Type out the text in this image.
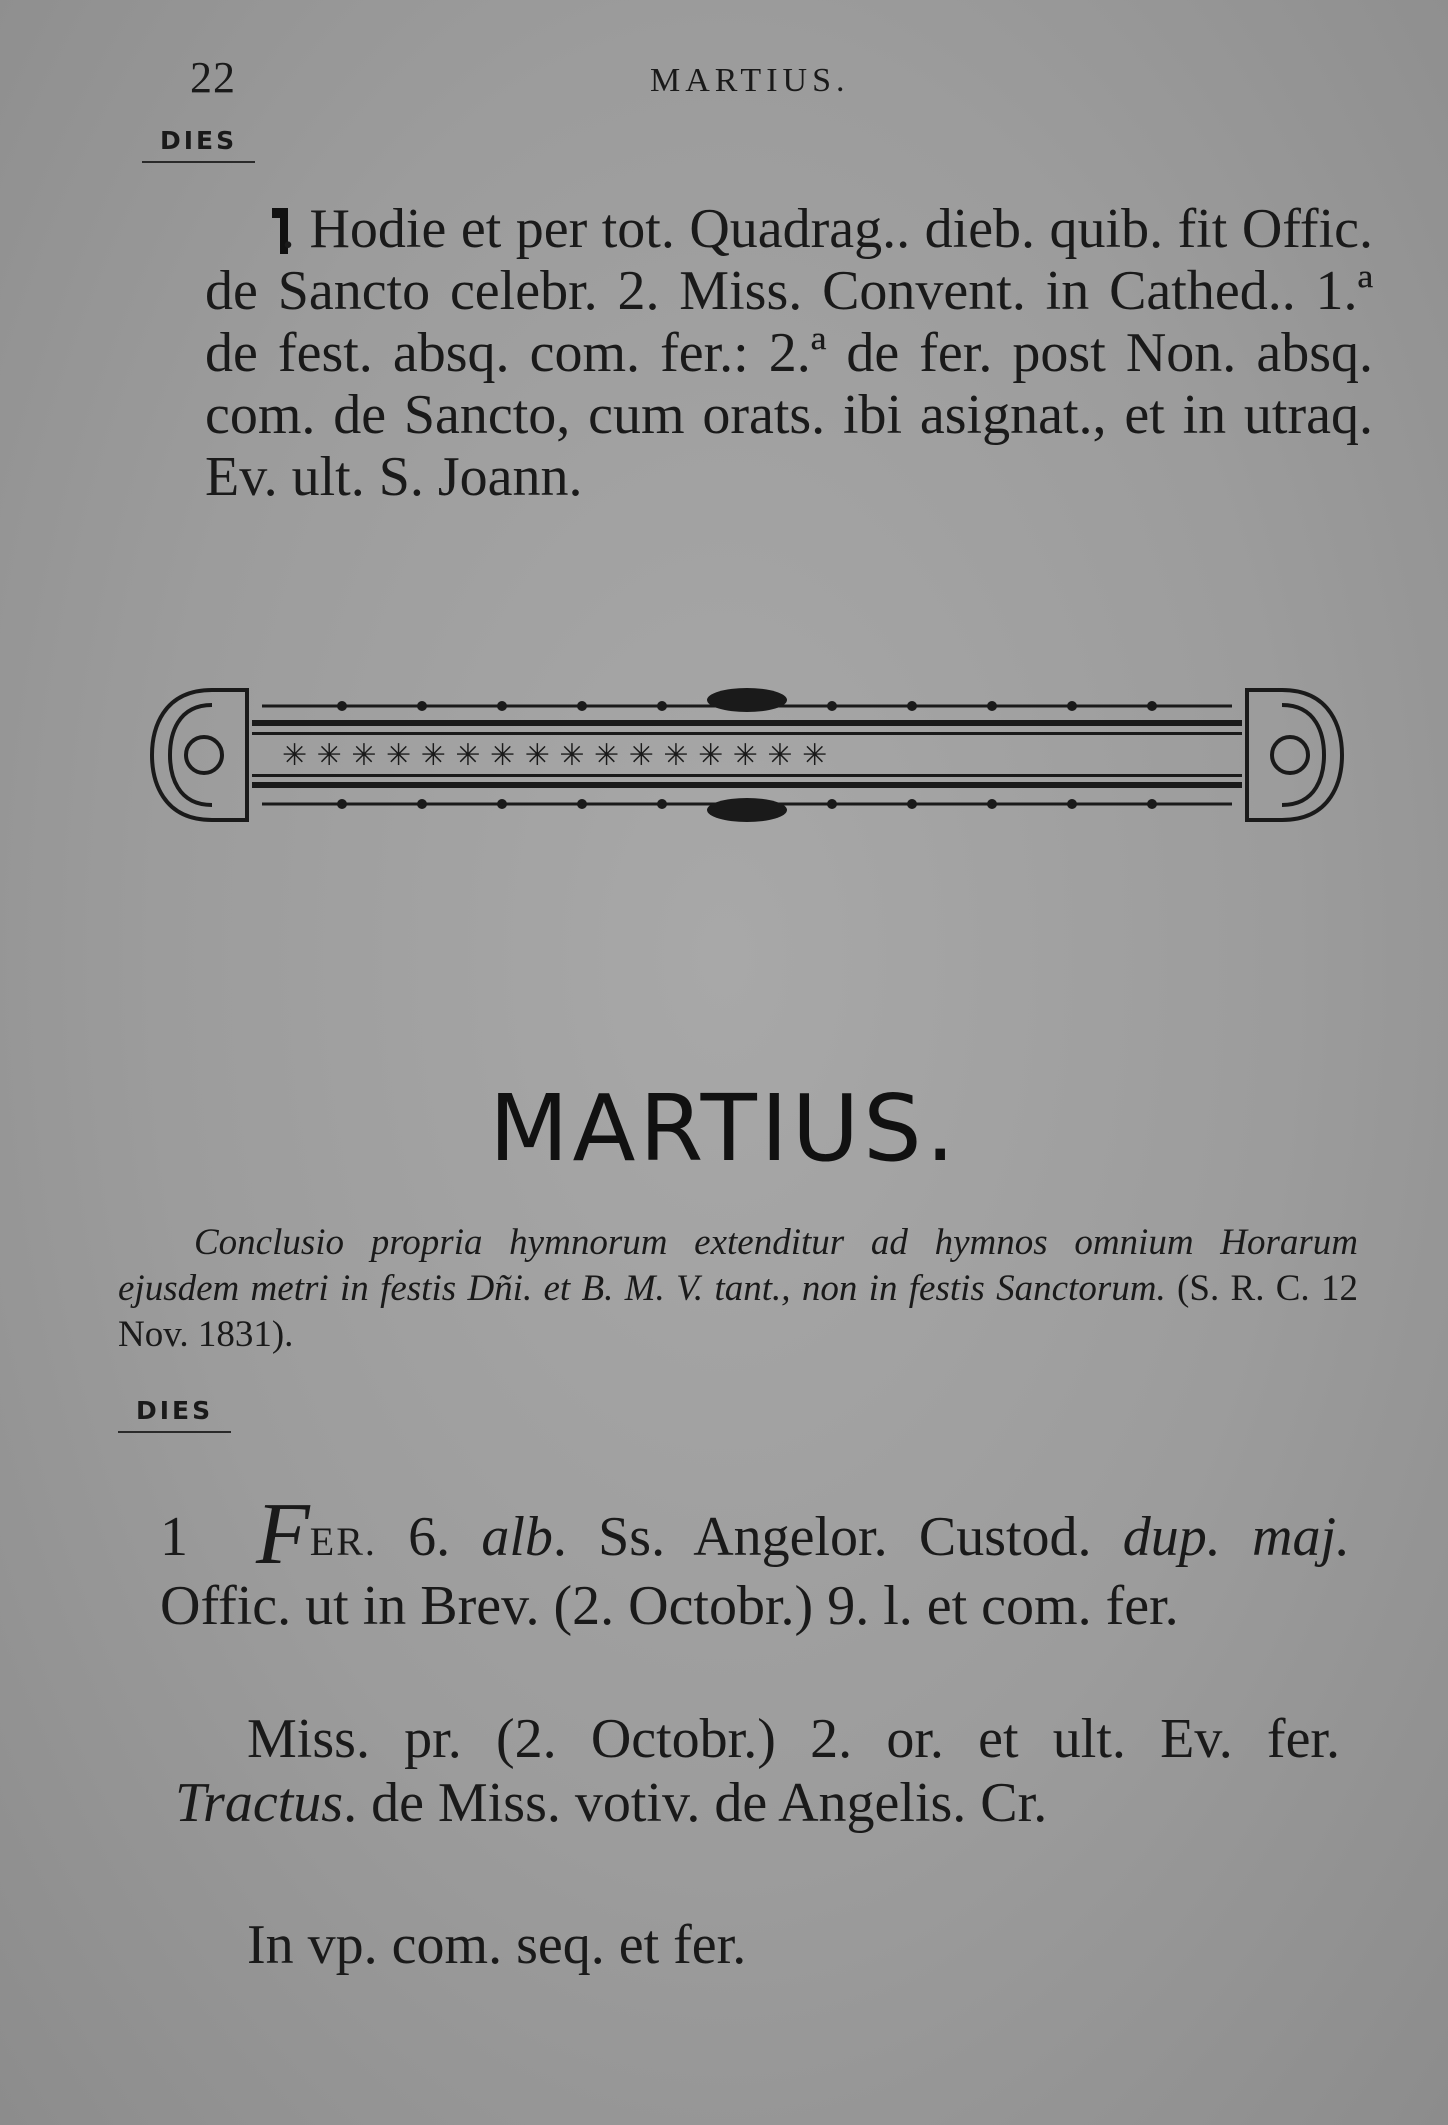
22	MARTIUS.
DIES
. Hodie et per tot. Quadrag.. dieb. quib. fit Offic. de Sancto celebr. 2. Miss. Convent. in Cathed.. 1.ª de fest. absq. com. fer.: 2.ª de fer. post Non. absq. com. de Sancto, cum orats. ibi asignat., et in utraq. Ev. ult. S. Joann.
✳ ✳ ✳ ✳ ✳ ✳ ✳ ✳ ✳ ✳ ✳ ✳ ✳ ✳ ✳ ✳
MARTIUS.
Conclusio propria hymnorum extenditur ad hymnos omnium Horarum ejusdem metri in festis Dñi. et B. M. V. tant., non in festis Sanctorum. (S. R. C. 12 Nov. 1831).
DIES
1 FER. 6. alb. Ss. Angelor. Custod. dup. maj. Offic. ut in Brev. (2. Octobr.) 9. l. et com. fer.
Miss. pr. (2. Octobr.) 2. or. et ult. Ev. fer. Tractus. de Miss. votiv. de Angelis. Cr.
In vp. com. seq. et fer.
